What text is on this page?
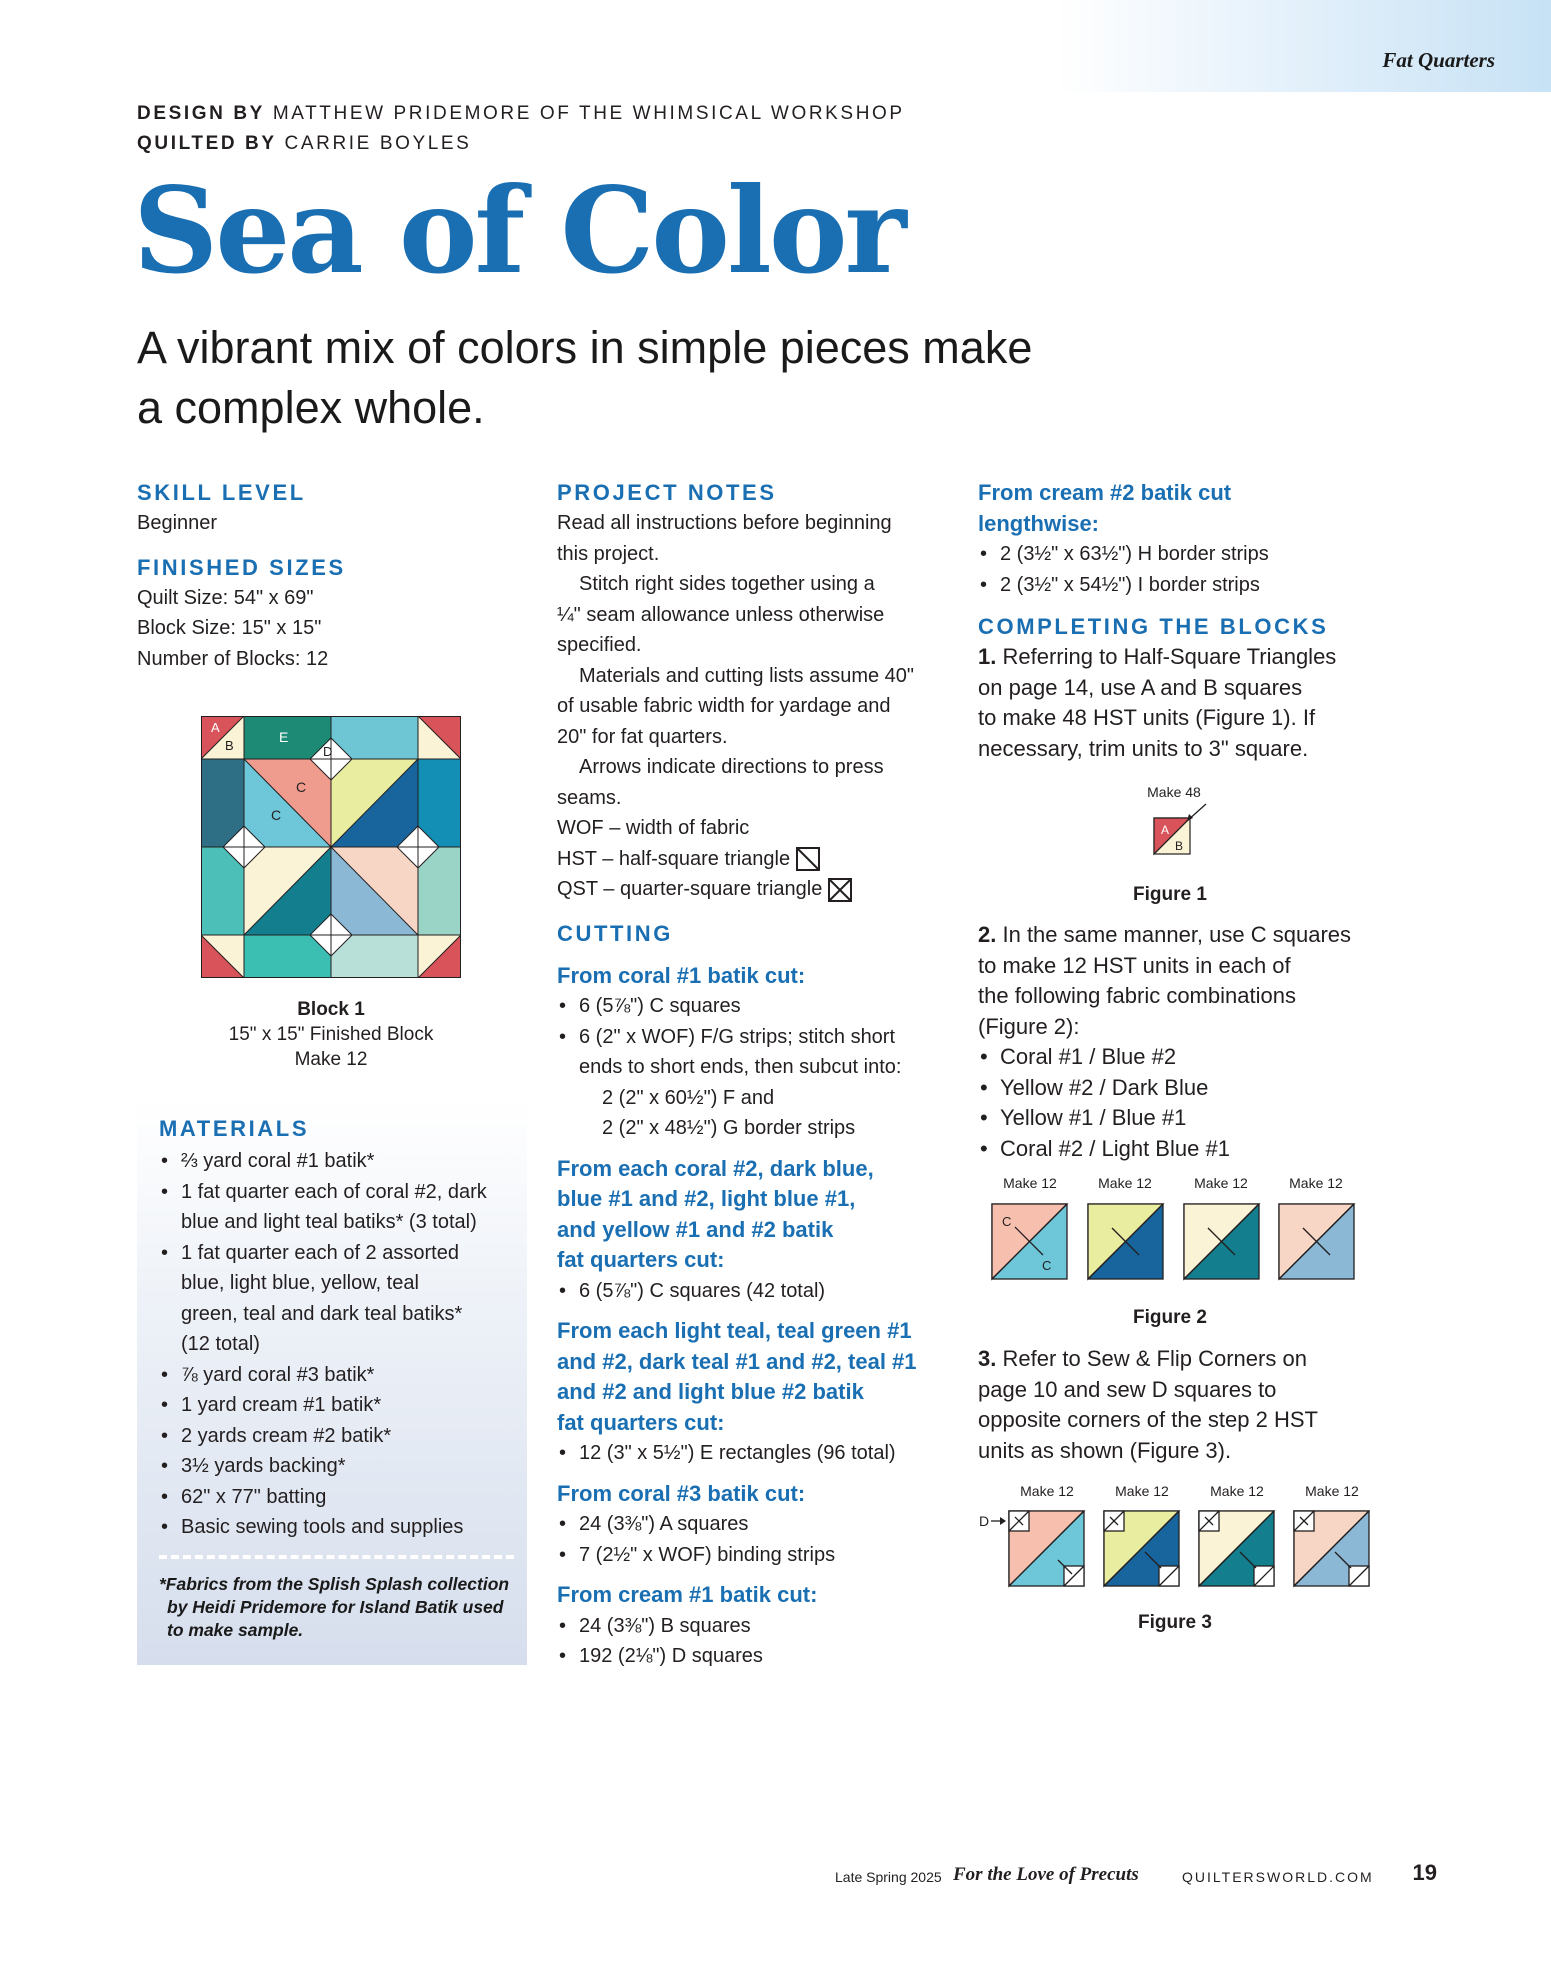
Fat Quarters
DESIGN BY MATTHEW PRIDEMORE OF THE WHIMSICAL WORKSHOP
QUILTED BY CARRIE BOYLES
Sea of Color
A vibrant mix of colors in simple pieces make
a complex whole.
SKILL LEVEL
Beginner
FINISHED SIZES
Quilt Size: 54" x 69"
Block Size: 15" x 15"
Number of Blocks: 12
A
B
E
D
C
C
Block 1
15" x 15" Finished Block
Make 12
MATERIALS
• ⅔ yard coral #1 batik*
• 1 fat quarter each of coral #2, dark
blue and light teal batiks* (3 total)
• 1 fat quarter each of 2 assorted
blue, light blue, yellow, teal
green, teal and dark teal batiks*
(12 total)
• ⅞ yard coral #3 batik*
• 1 yard cream #1 batik*
• 2 yards cream #2 batik*
• 3½ yards backing*
• 62" x 77" batting
• Basic sewing tools and supplies
*Fabrics from the Splish Splash collection
by Heidi Pridemore for Island Batik used
to make sample.
PROJECT NOTES
Read all instructions before beginning
this project.
Stitch right sides together using a
¼" seam allowance unless otherwise
specified.
Materials and cutting lists assume 40"
of usable fabric width for yardage and
20" for fat quarters.
Arrows indicate directions to press
seams.
WOF – width of fabric
HST – half-square triangle
QST – quarter-square triangle
CUTTING
From coral #1 batik cut:
• 6 (5⅞") C squares
• 6 (2" x WOF) F/G strips; stitch short
ends to short ends, then subcut into:
2 (2" x 60½") F and
2 (2" x 48½") G border strips
From each coral #2, dark blue,
blue #1 and #2, light blue #1,
and yellow #1 and #2 batik
fat quarters cut:
• 6 (5⅞") C squares (42 total)
From each light teal, teal green #1
and #2, dark teal #1 and #2, teal #1
and #2 and light blue #2 batik
fat quarters cut:
• 12 (3" x 5½") E rectangles (96 total)
From coral #3 batik cut:
• 24 (3⅜") A squares
• 7 (2½" x WOF) binding strips
From cream #1 batik cut:
• 24 (3⅜") B squares
• 192 (2⅛") D squares
From cream #2 batik cut
lengthwise:
• 2 (3½" x 63½") H border strips
• 2 (3½" x 54½") I border strips
COMPLETING THE BLOCKS
1. Referring to Half-Square Triangles
on page 14, use A and B squares
to make 48 HST units (Figure 1). If
necessary, trim units to 3" square.
Make 48
A
B
Figure 1
2. In the same manner, use C squares
to make 12 HST units in each of
the following fabric combinations
(Figure 2):
• Coral #1 / Blue #2
• Yellow #2 / Dark Blue
• Yellow #1 / Blue #1
• Coral #2 / Light Blue #1
Make 12	Make 12	Make 12	Make 12
C
C
Figure 2
3. Refer to Sew & Flip Corners on
page 10 and sew D squares to
opposite corners of the step 2 HST
units as shown (Figure 3).
Make 12	Make 12	Make 12	Make 12
D
Figure 3
Late Spring 2025 For the Love of Precuts	QUILTERSWORLD.COM 19
